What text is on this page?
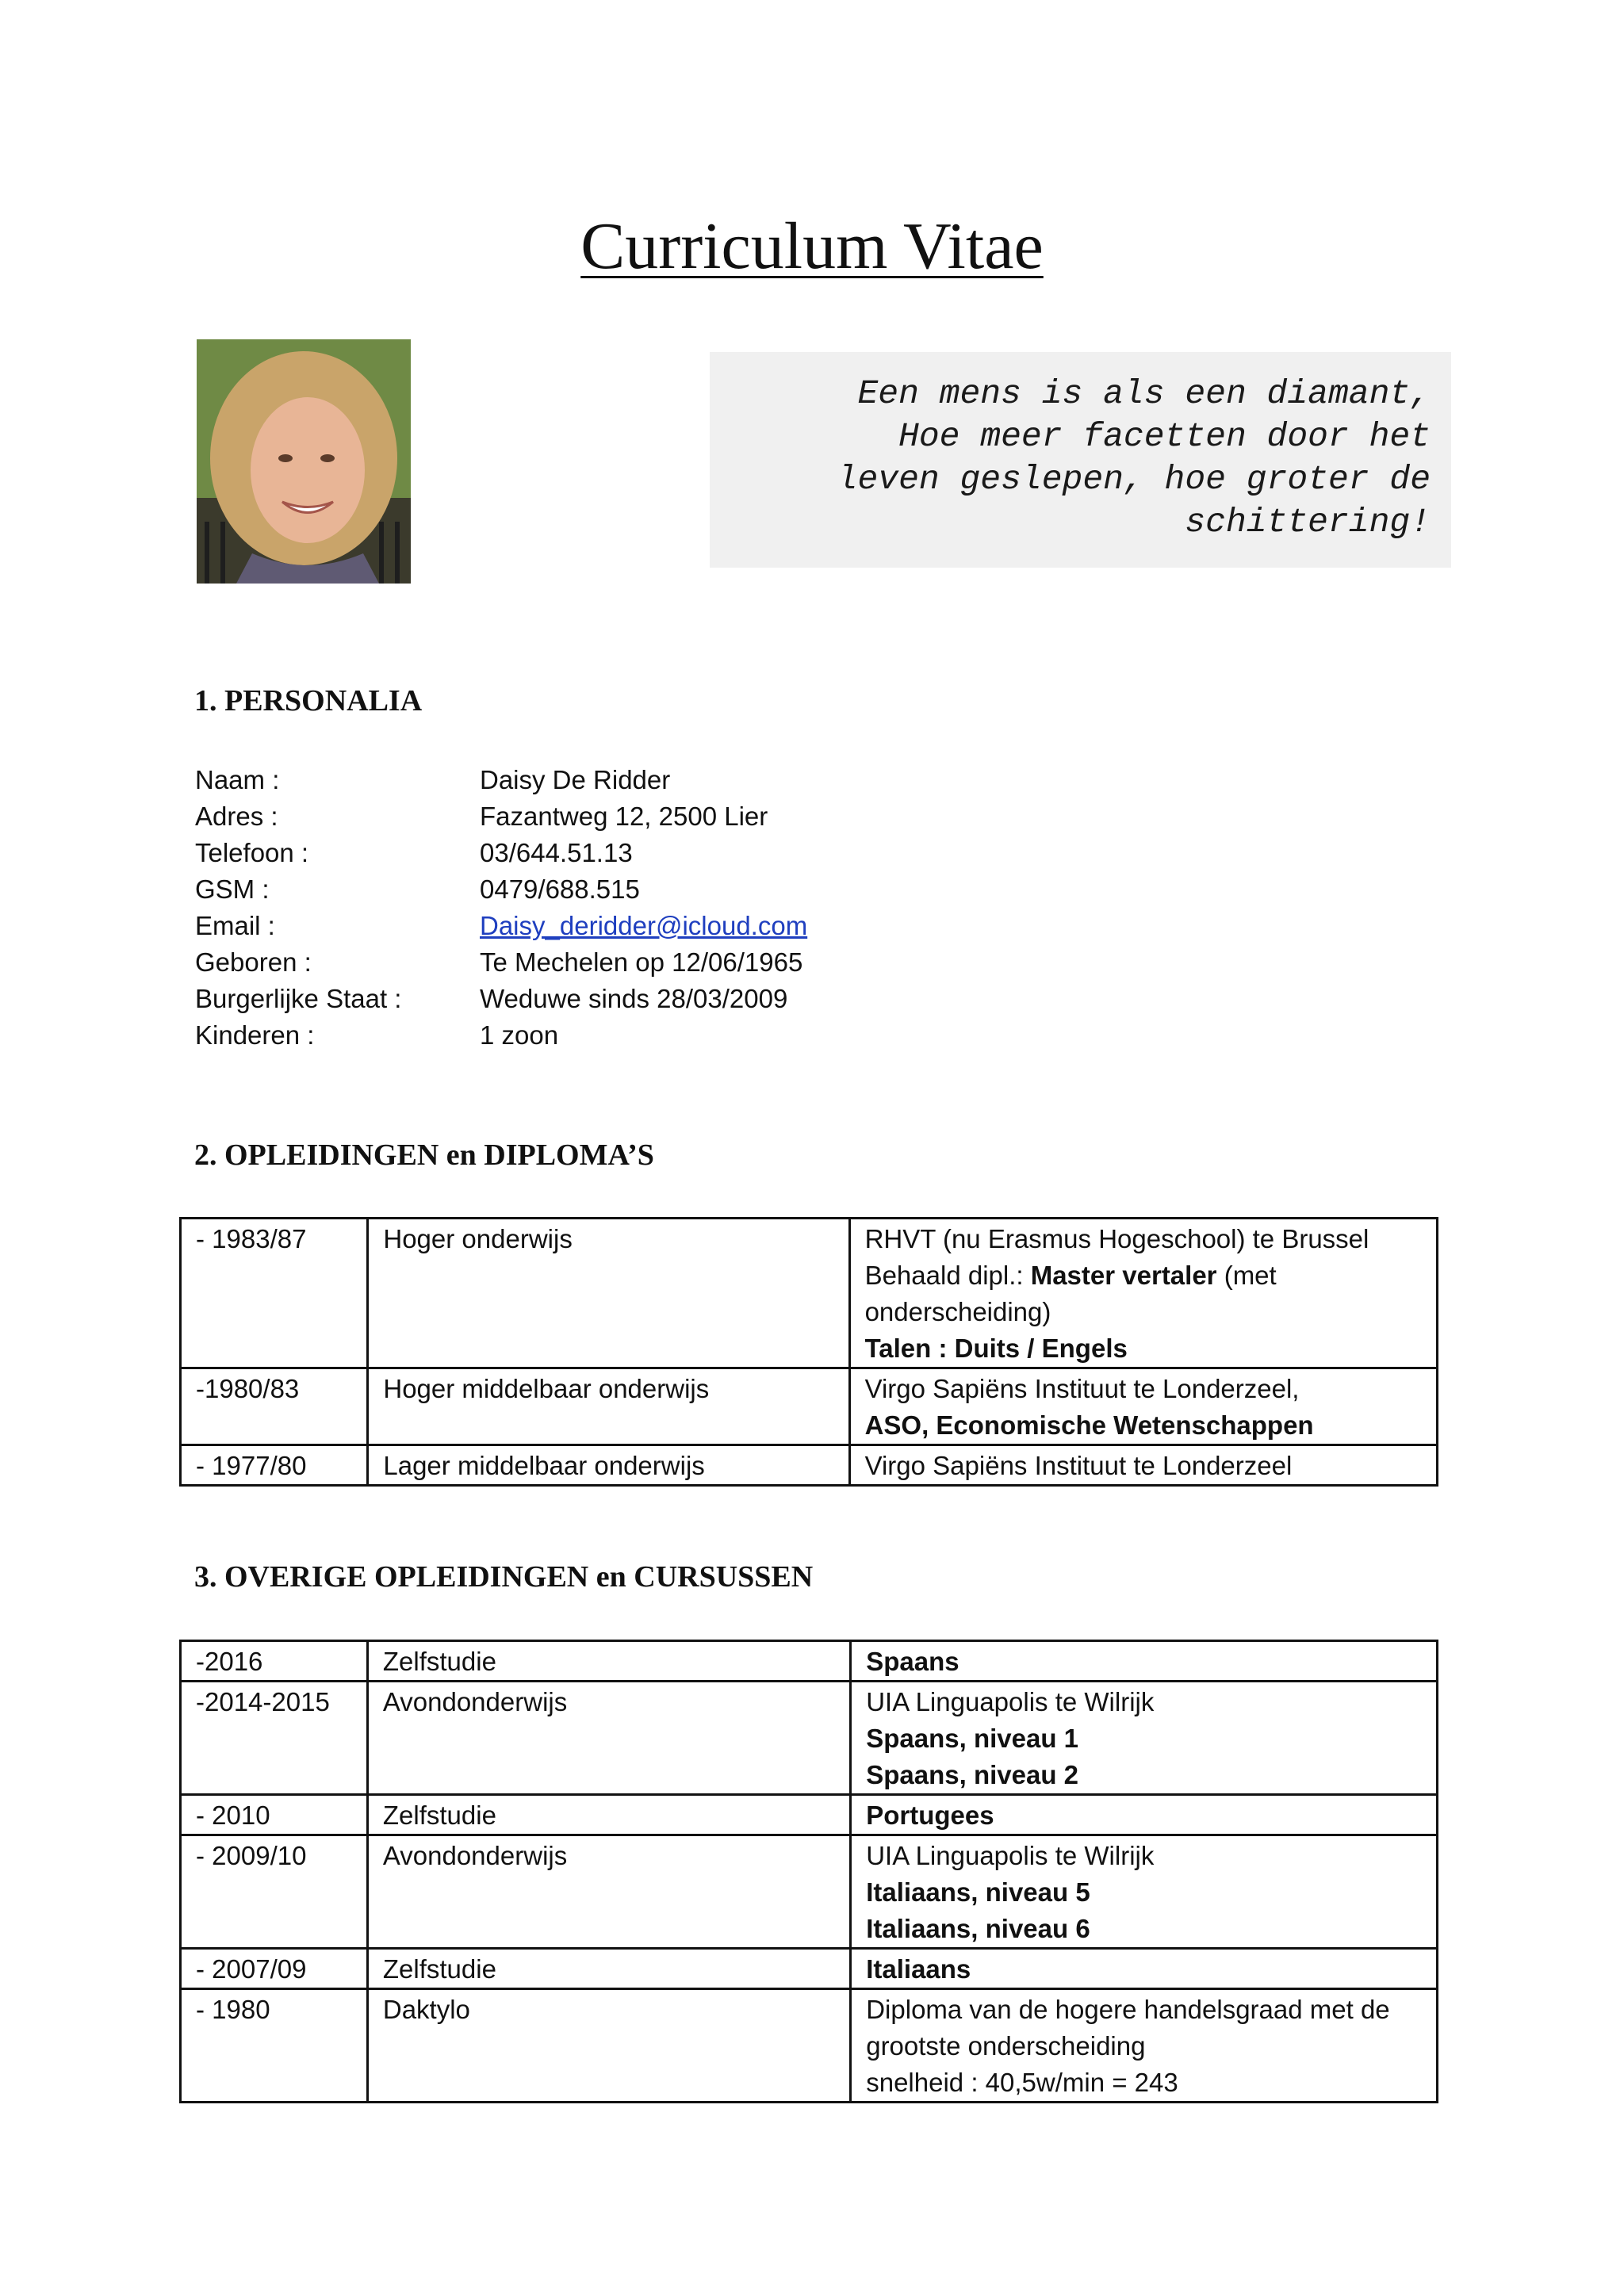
Curriculum Vitae
Een mens is als een diamant,
Hoe meer facetten door het
leven geslepen, hoe groter de
schittering!
1. PERSONALIA
Naam :	Daisy De Ridder
Adres :	Fazantweg 12, 2500 Lier
Telefoon :	03/644.51.13
GSM :	0479/688.515
Email :	Daisy_deridder@icloud.com
Geboren :	Te Mechelen op 12/06/1965
Burgerlijke Staat :	Weduwe sinds 28/03/2009
Kinderen :	1 zoon
2. OPLEIDINGEN en DIPLOMA’S
- 1983/87	Hoger onderwijs	RHVT (nu Erasmus Hogeschool) te Brussel
Behaald dipl.: Master vertaler (met
onderscheiding)
Talen : Duits / Engels

-1980/83	Hoger middelbaar onderwijs	Virgo Sapiëns Instituut te Londerzeel,
ASO, Economische Wetenschappen

- 1977/80	Lager middelbaar onderwijs	Virgo Sapiëns Instituut te Londerzeel
3. OVERIGE OPLEIDINGEN en CURSUSSEN
-2016	Zelfstudie	Spaans

-2014-2015	Avondonderwijs	UIA Linguapolis te Wilrijk
Spaans, niveau 1
Spaans, niveau 2

- 2010	Zelfstudie	Portugees

- 2009/10	Avondonderwijs	UIA Linguapolis te Wilrijk
Italiaans, niveau 5
Italiaans, niveau 6

- 2007/09	Zelfstudie	Italiaans

- 1980	Daktylo	Diploma van de hogere handelsgraad met de
grootste onderscheiding
snelheid : 40,5w/min = 243
